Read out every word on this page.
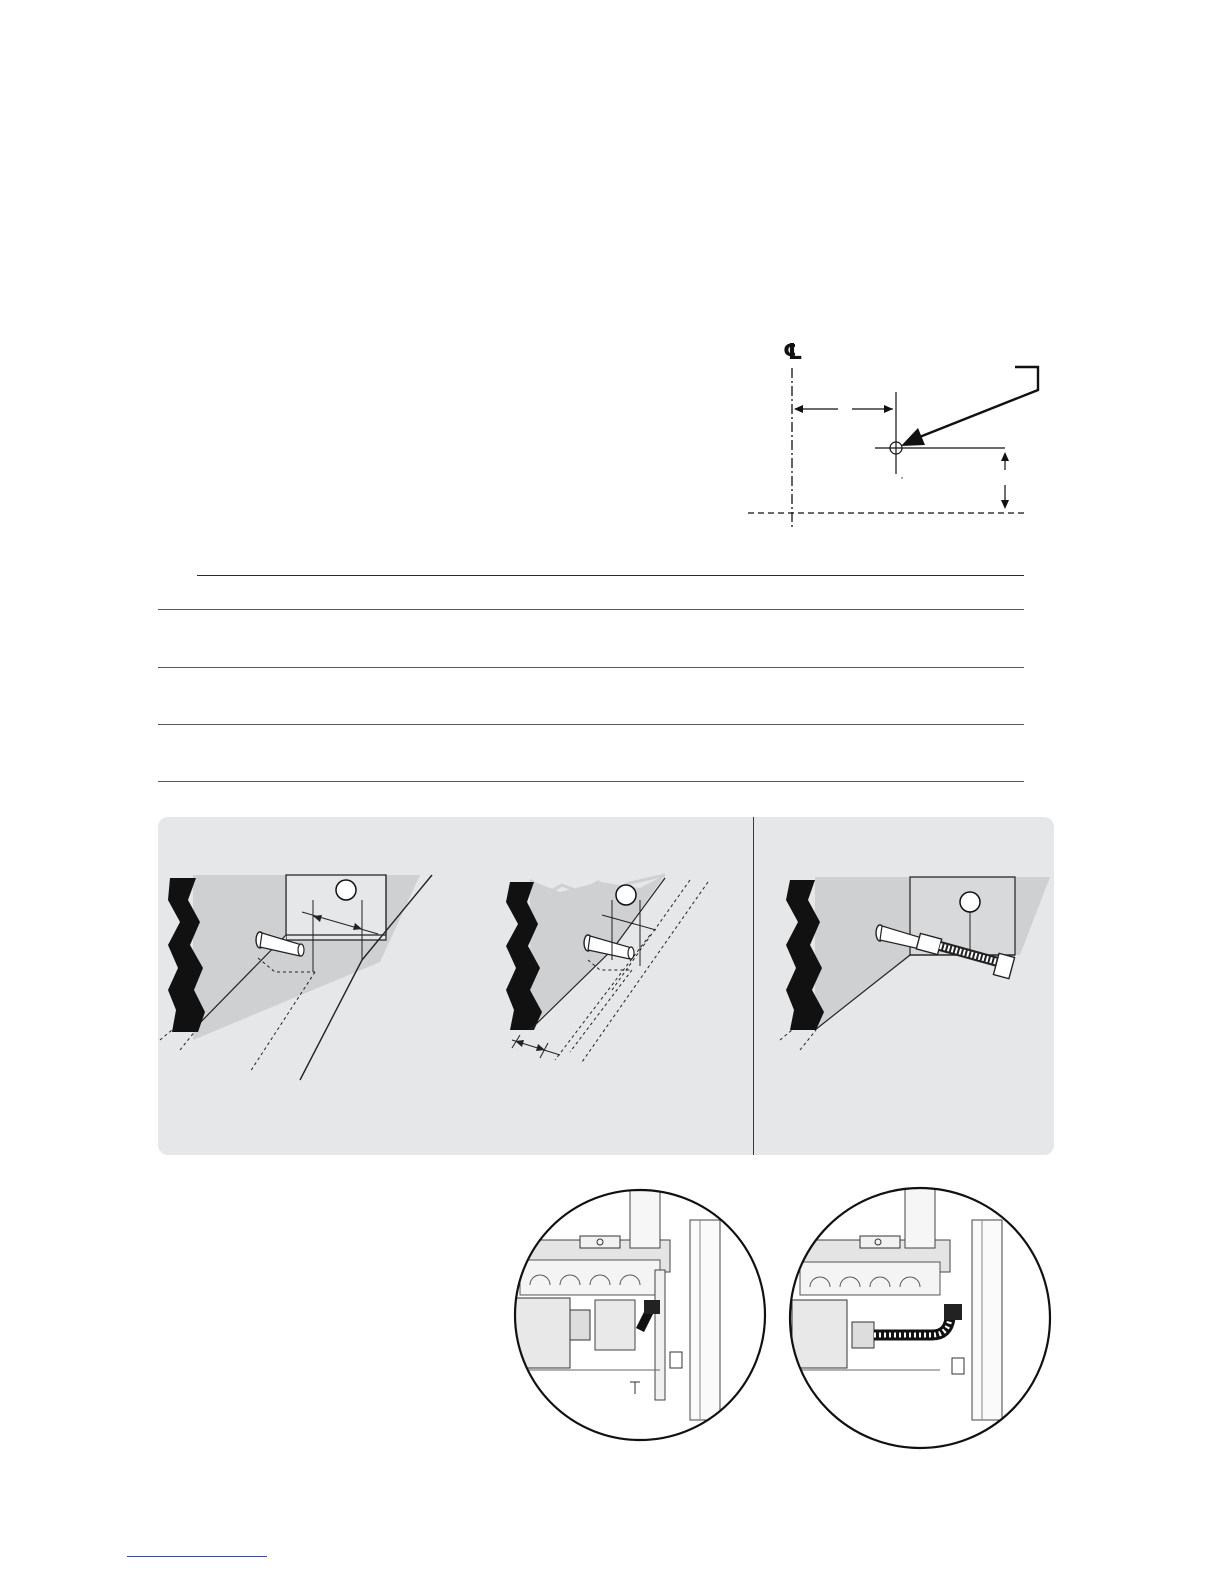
℄
